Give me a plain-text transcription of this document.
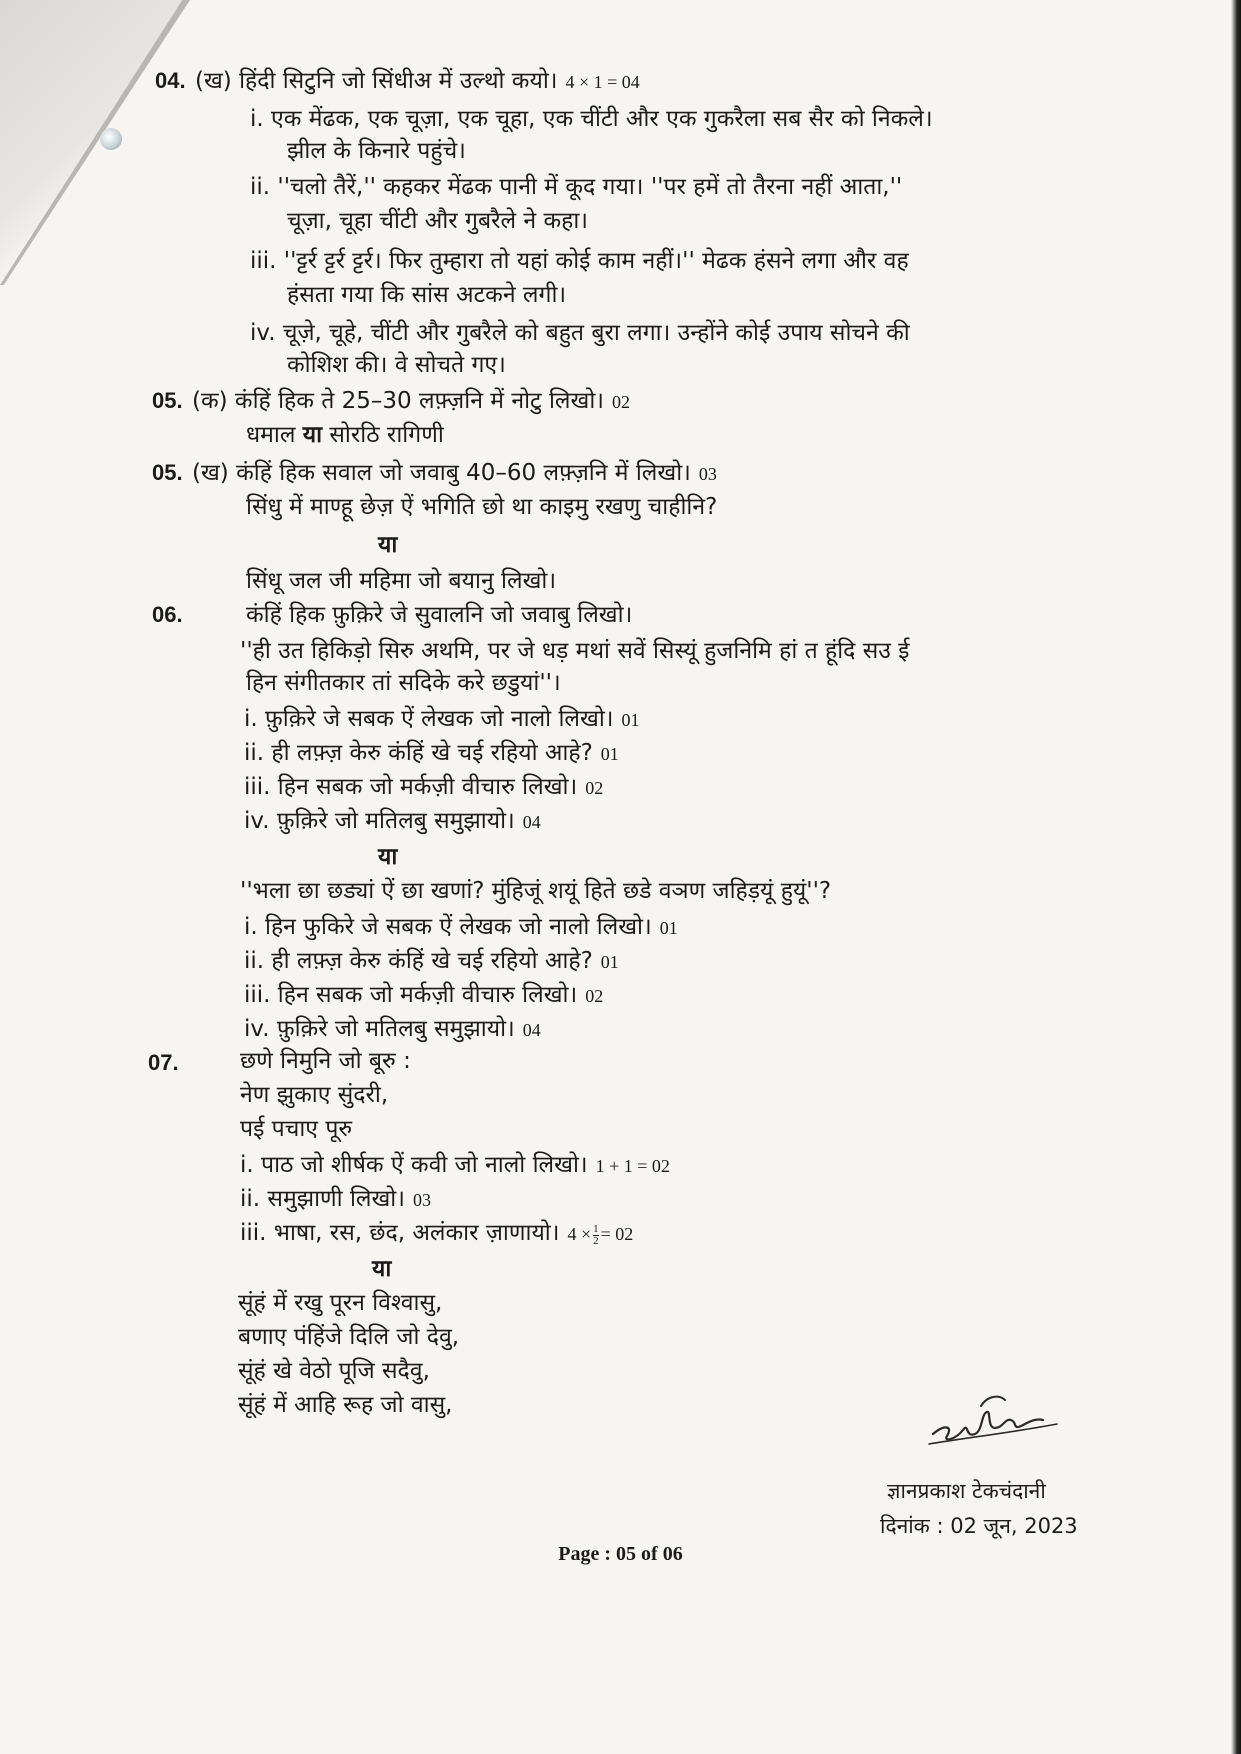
04. (ख) हिंदी सिटुनि जो सिंधीअ में उल्थो कयो। 4 × 1 = 04
i. एक मेंढक, एक चूज़ा, एक चूहा, एक चींटी और एक गुकरैला सब सैर को निकले।
झील के किनारे पहुंचे।
ii. ''चलो तैरें,'' कहकर मेंढक पानी में कूद गया। ''पर हमें तो तैरना नहीं आता,''
चूज़ा, चूहा चींटी और गुबरैले ने कहा।
iii. ''ट्टर्र ट्टर्र ट्टर्र। फिर तुम्हारा तो यहां कोई काम नहीं।'' मेढक हंसने लगा और वह
हंसता गया कि सांस अटकने लगी।
iv. चूज़े, चूहे, चींटी और गुबरैले को बहुत बुरा लगा। उन्होंने कोई उपाय सोचने की
कोशिश की। वे सोचते गए।
05. (क) कंहिं हिक ते 25–30 लफ़्ज़नि में नोटु लिखो। 02
धमाल या सोरठि रागिणी
05. (ख) कंहिं हिक सवाल जो जवाबु 40–60 लफ़्ज़नि में लिखो। 03
सिंधु में माण्हू छेज़ ऐं भगिति छो था काइमु रखणु चाहीनि?
या
सिंधू जल जी महिमा जो बयानु लिखो।
06.	कंहिं हिक फ़ुक़िरे जे सुवालनि जो जवाबु लिखो।
''ही उत हिकिड़ो सिरु अथमि, पर जे धड़ मथां सवें सिस्यूं हुजनिमि हां त हूंदि सउ ई
हिन संगीतकार तां सदिके करे छडुयां''।
i. फ़ुक़िरे जे सबक ऐं लेखक जो नालो लिखो। 01
ii. ही लफ़्ज़ केरु कंहिं खे चई रहियो आहे? 01
iii. हिन सबक जो मर्कज़ी वीचारु लिखो। 02
iv. फ़ुक़िरे जो मतिलबु समुझायो। 04
या
''भला छा छड्यां ऐं छा खणां? मुंहिजूं शयूं हिते छडे वञण जहिड़यूं हुयूं''?
i. हिन फुकिरे जे सबक ऐं लेखक जो नालो लिखो। 01
ii. ही लफ़्ज़ केरु कंहिं खे चई रहियो आहे? 01
iii. हिन सबक जो मर्कज़ी वीचारु लिखो। 02
iv. फ़ुक़िरे जो मतिलबु समुझायो। 04
07.	छणे निमुनि जो बूरु :
नेण झुकाए सुंदरी,
पई पचाए पूरु
i. पाठ जो शीर्षक ऐं कवी जो नालो लिखो। 1 + 1 = 02
ii. समुझाणी लिखो। 03
iii. भाषा, रस, छंद, अलंकार ज़ाणायो। $4 \times \frac{1}{2} = 02$
या
सूंहं में रखु पूरन विश्वासु,
बणाए पंहिंजे दिलि जो देवु,
सूंहं खे वेठो पूजि सदैवु,
सूंहं में आहि रूह जो वासु,
ज्ञानप्रकाश टेकचंदानी
दिनांक : 02 जून, 2023
Page : 05 of 06
